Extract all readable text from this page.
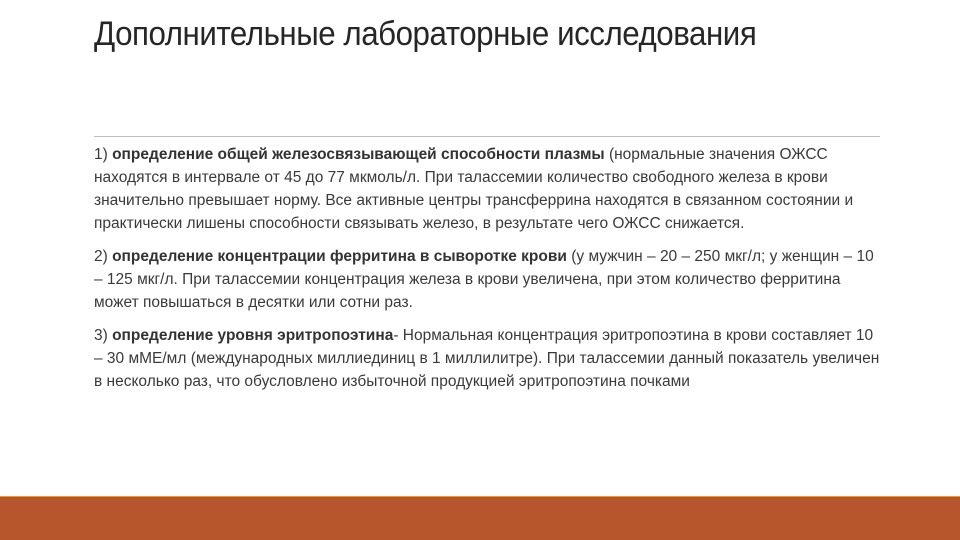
Дополнительные лабораторные исследования

1) определение общей железосвязывающей способности плазмы (нормальные значения ОЖСС находятся в интервале от 45 до 77 мкмоль/л. При талассемии количество свободного железа в крови значительно превышает норму. Все активные центры трансферрина находятся в связанном состоянии и практически лишены способности связывать железо, в результате чего ОЖСС снижается.

2) определение концентрации ферритина в сыворотке крови (у мужчин – 20 – 250 мкг/л; у женщин – 10 – 125 мкг/л. При талассемии концентрация железа в крови увеличена, при этом количество ферритина может повышаться в десятки или сотни раз.

3) определение уровня эритропоэтина- Нормальная концентрация эритропоэтина в крови составляет 10 – 30 мМЕ/мл (международных миллиединиц в 1 миллилитре). При талассемии данный показатель увеличен в несколько раз, что обусловлено избыточной продукцией эритропоэтина почками
